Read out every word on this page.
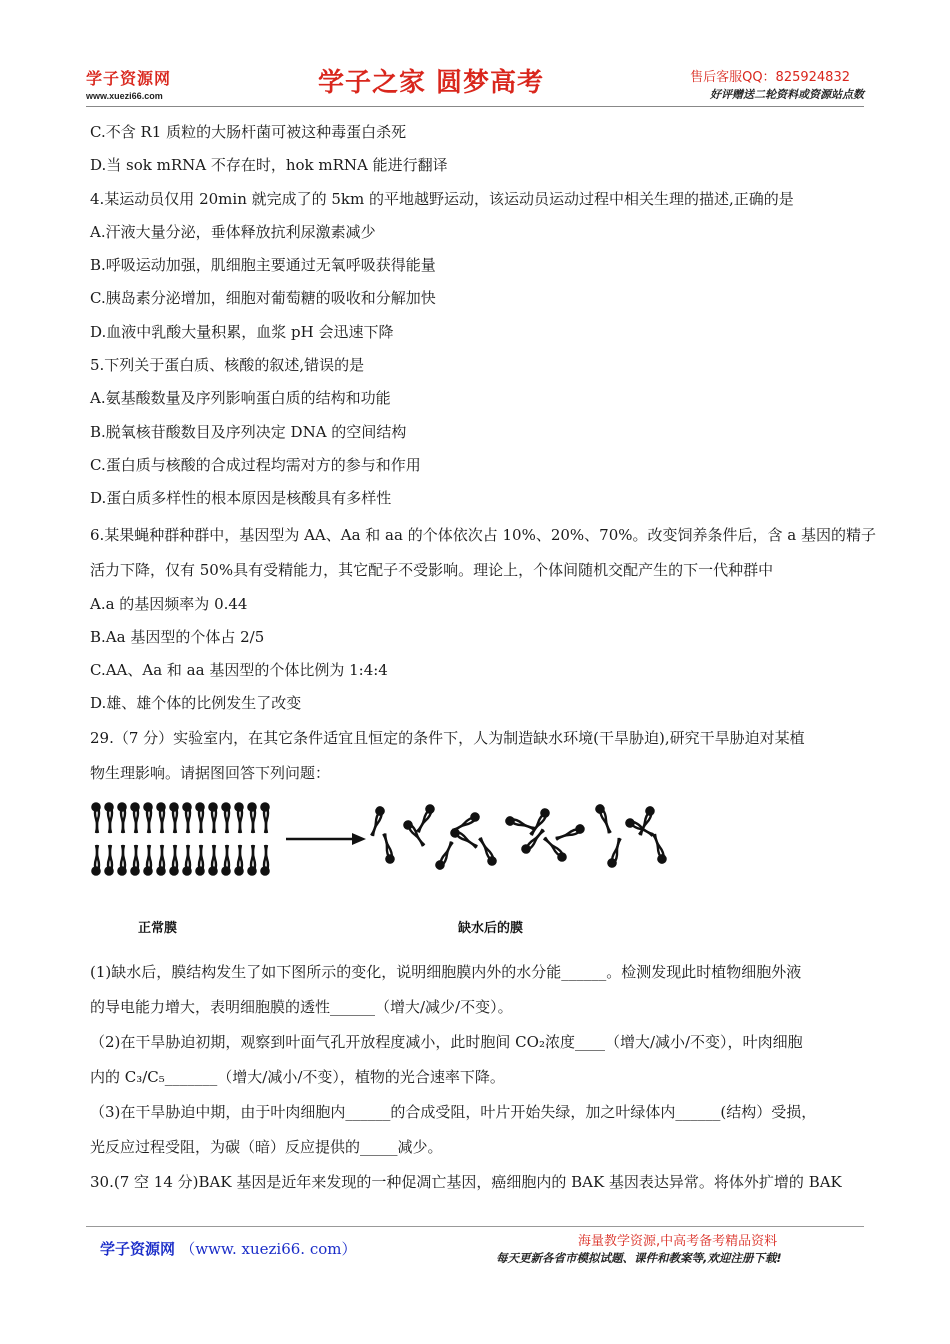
学子资源网
www.xuezi66.com	学子之家 圆梦高考	售后客服QQ：825924832
好评赠送二轮资料或资源站点数
C.不含 R1 质粒的大肠杆菌可被这种毒蛋白杀死
D.当 sok mRNA 不存在时，hok mRNA 能进行翻译
4.某运动员仅用 20min 就完成了的 5km 的平地越野运动，该运动员运动过程中相关生理的描述,正确的是
A.汗液大量分泌，垂体释放抗利尿激素减少
B.呼吸运动加强，肌细胞主要通过无氧呼吸获得能量
C.胰岛素分泌增加，细胞对葡萄糖的吸收和分解加快
D.血液中乳酸大量积累，血浆 pH 会迅速下降
5.下列关于蛋白质、核酸的叙述,错误的是
A.氨基酸数量及序列影响蛋白质的结构和功能
B.脱氧核苷酸数目及序列决定 DNA 的空间结构
C.蛋白质与核酸的合成过程均需对方的参与和作用
D.蛋白质多样性的根本原因是核酸具有多样性
6.某果蝇种群种群中，基因型为 AA、Aa 和 aa 的个体依次占 10%、20%、70%。改变饲养条件后，含 a 基因的精子
活力下降，仅有 50%具有受精能力，其它配子不受影响。理论上，个体间随机交配产生的下一代种群中
A.a 的基因频率为 0.44
B.Aa 基因型的个体占 2/5
C.AA、Aa 和 aa 基因型的个体比例为 1:4:4
D.雄、雄个体的比例发生了改变
29.（7 分）实验室内，在其它条件适宜且恒定的条件下，人为制造缺水环境(干旱胁迫),研究干旱胁迫对某植
物生理影响。请据图回答下列问题：
正常膜	缺水后的膜
(1)缺水后，膜结构发生了如下图所示的变化，说明细胞膜内外的水分能______。检测发现此时植物细胞外液
的导电能力增大，表明细胞膜的透性______（增大/减少/不变）。
（2)在干旱胁迫初期，观察到叶面气孔开放程度减小，此时胞间 CO₂浓度____（增大/减小/不变），叶肉细胞
内的 C₃/C₅_______（增大/减小/不变），植物的光合速率下降。
（3)在干旱胁迫中期，由于叶肉细胞内______的合成受阻，叶片开始失绿，加之叶绿体内______(结构）受损，
光反应过程受阻，为碳（暗）反应提供的_____减少。
30.(7 空 14 分)BAK 基因是近年来发现的一种促凋亡基因，癌细胞内的 BAK 基因表达异常。将体外扩增的 BAK
学子资源网 （www. xuezi66. com）	海量教学资源,中高考备考精品资料
每天更新各省市模拟试题、课件和教案等,欢迎注册下载!
